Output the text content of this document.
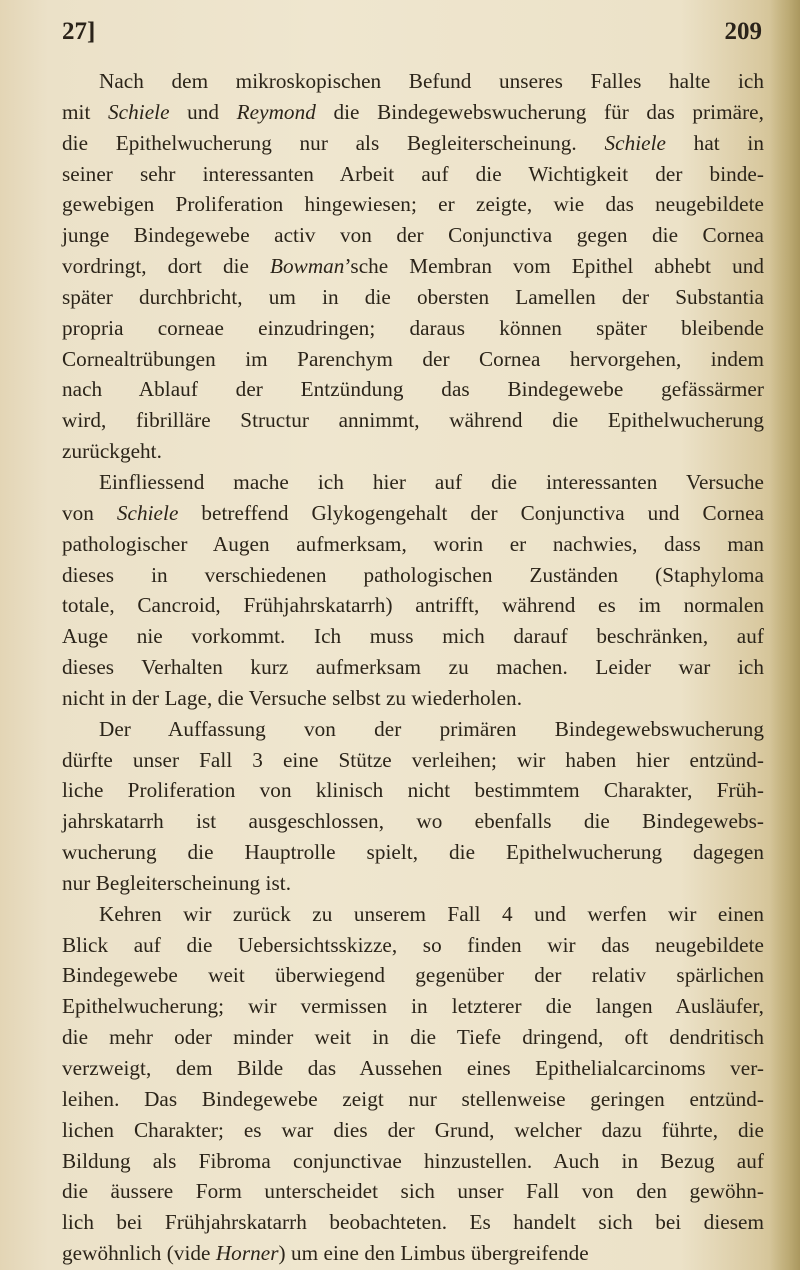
27]	209
Nach dem mikroskopischen Befund unseres Falles halte ich
mit Schiele und Reymond die Bindegewebswucherung für das primäre,
die Epithelwucherung nur als Begleiterscheinung. Schiele hat in
seiner sehr interessanten Arbeit auf die Wichtigkeit der binde-
gewebigen Proliferation hingewiesen; er zeigte, wie das neugebildete
junge Bindegewebe activ von der Conjunctiva gegen die Cornea
vordringt, dort die Bowman’sche Membran vom Epithel abhebt und
später durchbricht, um in die obersten Lamellen der Substantia
propria corneae einzudringen; daraus können später bleibende
Cornealtrübungen im Parenchym der Cornea hervorgehen, indem
nach Ablauf der Entzündung das Bindegewebe gefässärmer
wird, fibrilläre Structur annimmt, während die Epithelwucherung
zurückgeht.
Einfliessend mache ich hier auf die interessanten Versuche
von Schiele betreffend Glykogengehalt der Conjunctiva und Cornea
pathologischer Augen aufmerksam, worin er nachwies, dass man
dieses in verschiedenen pathologischen Zuständen (Staphyloma
totale, Cancroid, Frühjahrskatarrh) antrifft, während es im normalen
Auge nie vorkommt. Ich muss mich darauf beschränken, auf
dieses Verhalten kurz aufmerksam zu machen. Leider war ich
nicht in der Lage, die Versuche selbst zu wiederholen.
Der Auffassung von der primären Bindegewebswucherung
dürfte unser Fall 3 eine Stütze verleihen; wir haben hier entzünd-
liche Proliferation von klinisch nicht bestimmtem Charakter, Früh-
jahrskatarrh ist ausgeschlossen, wo ebenfalls die Bindegewebs-
wucherung die Hauptrolle spielt, die Epithelwucherung dagegen
nur Begleiterscheinung ist.
Kehren wir zurück zu unserem Fall 4 und werfen wir einen
Blick auf die Uebersichtsskizze, so finden wir das neugebildete
Bindegewebe weit überwiegend gegenüber der relativ spärlichen
Epithelwucherung; wir vermissen in letzterer die langen Ausläufer,
die mehr oder minder weit in die Tiefe dringend, oft dendritisch
verzweigt, dem Bilde das Aussehen eines Epithelialcarcinoms ver-
leihen. Das Bindegewebe zeigt nur stellenweise geringen entzünd-
lichen Charakter; es war dies der Grund, welcher dazu führte, die
Bildung als Fibroma conjunctivae hinzustellen. Auch in Bezug auf
die äussere Form unterscheidet sich unser Fall von den gewöhn-
lich bei Frühjahrskatarrh beobachteten. Es handelt sich bei diesem
gewöhnlich (vide Horner) um eine den Limbus übergreifende
